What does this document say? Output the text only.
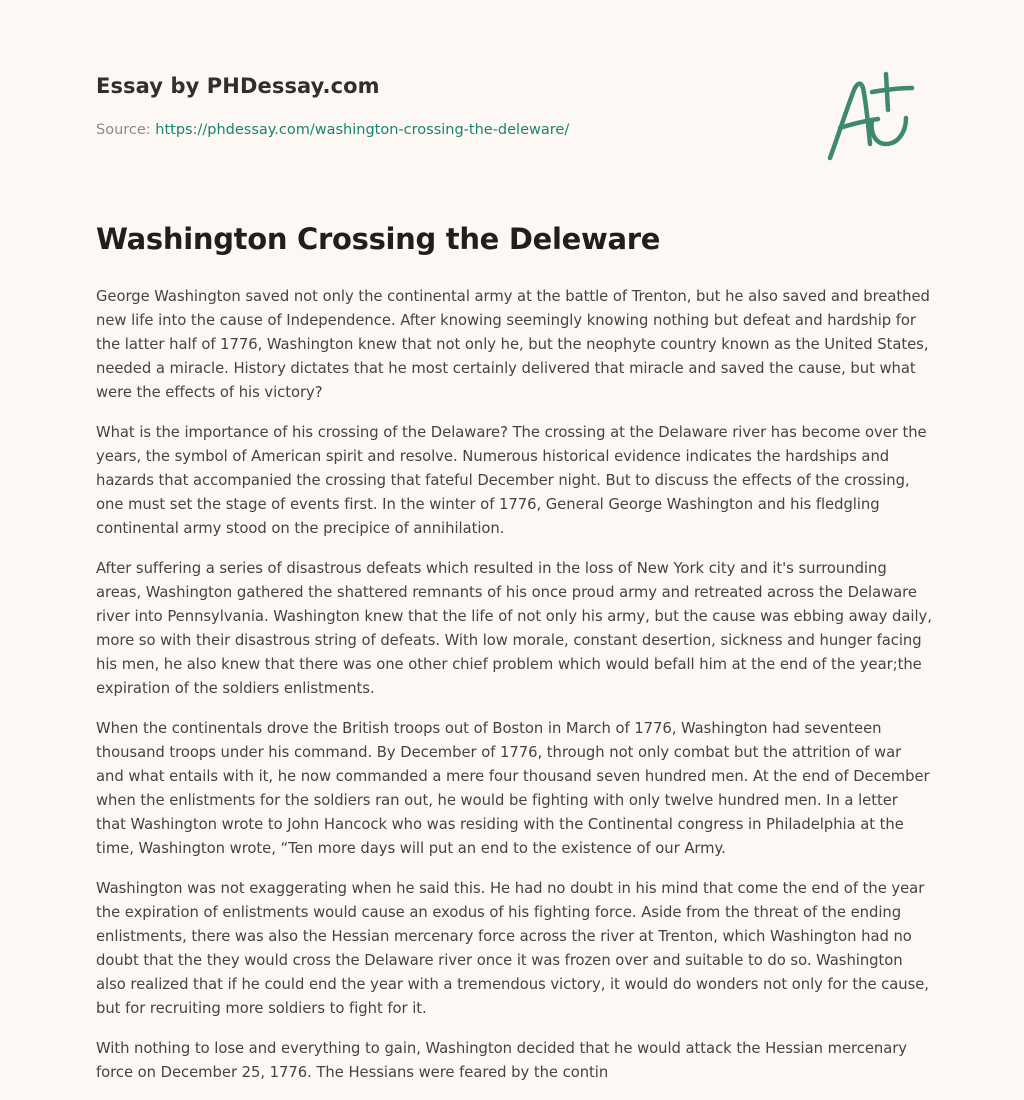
Essay by PHDessay.com

Source: https://phdessay.com/washington-crossing-the-deleware/
Washington Crossing the Deleware

George Washington saved not only the continental army at the battle of Trenton, but he also saved and breathed new life into the cause of Independence. After knowing seemingly knowing nothing but defeat and hardship for the latter half of 1776, Washington knew that not only he, but the neophyte country known as the United States, needed a miracle. History dictates that he most certainly delivered that miracle and saved the cause, but what were the effects of his victory?

What is the importance of his crossing of the Delaware? The crossing at the Delaware river has become over the years, the symbol of American spirit and resolve. Numerous historical evidence indicates the hardships and hazards that accompanied the crossing that fateful December night. But to discuss the effects of the crossing, one must set the stage of events first. In the winter of 1776, General George Washington and his fledgling continental army stood on the precipice of annihilation.

After suffering a series of disastrous defeats which resulted in the loss of New York city and it's surrounding areas, Washington gathered the shattered remnants of his once proud army and retreated across the Delaware river into Pennsylvania. Washington knew that the life of not only his army, but the cause was ebbing away daily, more so with their disastrous string of defeats. With low morale, constant desertion, sickness and hunger facing his men, he also knew that there was one other chief problem which would befall him at the end of the year;the expiration of the soldiers enlistments.

When the continentals drove the British troops out of Boston in March of 1776, Washington had seventeen thousand troops under his command. By December of 1776, through not only combat but the attrition of war and what entails with it, he now commanded a mere four thousand seven hundred men. At the end of December when the enlistments for the soldiers ran out, he would be fighting with only twelve hundred men. In a letter that Washington wrote to John Hancock who was residing with the Continental congress in Philadelphia at the time, Washington wrote, “Ten more days will put an end to the existence of our Army.

Washington was not exaggerating when he said this. He had no doubt in his mind that come the end of the year the expiration of enlistments would cause an exodus of his fighting force. Aside from the threat of the ending enlistments, there was also the Hessian mercenary force across the river at Trenton, which Washington had no doubt that the they would cross the Delaware river once it was frozen over and suitable to do so. Washington also realized that if he could end the year with a tremendous victory, it would do wonders not only for the cause, but for recruiting more soldiers to fight for it.

With nothing to lose and everything to gain, Washington decided that he would attack the Hessian mercenary force on December 25, 1776. The Hessians were feared by the contin
